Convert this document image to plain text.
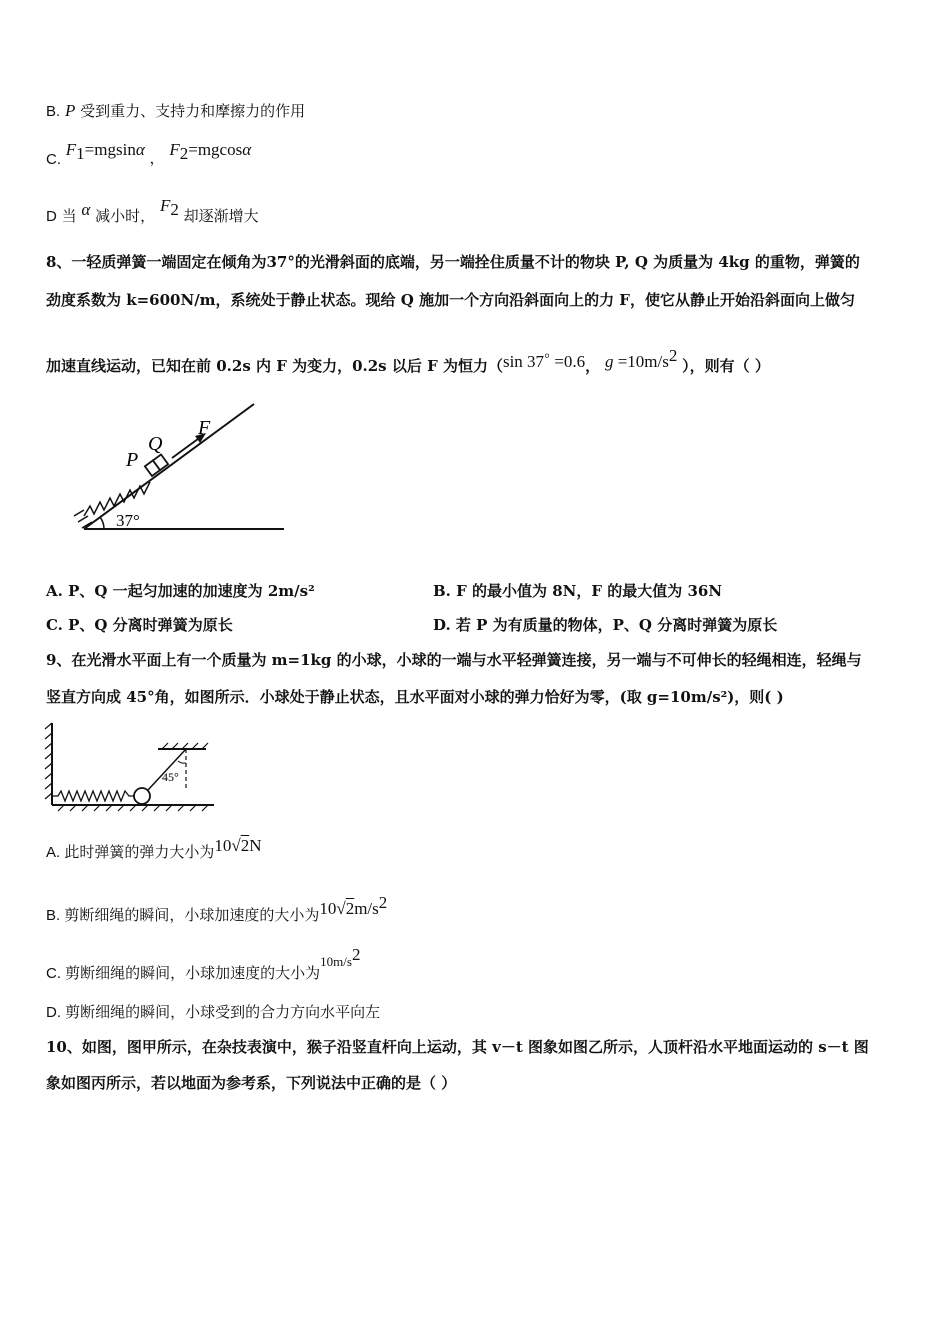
B. P 受到重力、支持力和摩擦力的作用
C. $F_1=mgsin\alpha$ ， $F_2=mgcos\alpha$
D 当 α 减小时， $F_2$ 却逐渐增大
8、一轻质弹簧一端固定在倾角为37°的光滑斜面的底端，另一端拴住质量不计的物块 P, Q 为质量为 4kg 的重物，弹簧的
劲度系数为 k=600N/m，系统处于静止状态。现给 Q 施加一个方向沿斜面向上的力 F，使它从静止开始沿斜面向上做匀
加速直线运动，已知在前 0.2s 内 F 为变力，0.2s 以后 F 为恒力（sin 37◦ =0.6， $g =10m/s^2$ ），则有（ ）
P
Q
F
37°
A. P、Q 一起匀加速的加速度为 2m/s²	B. F 的最小值为 8N，F 的最大值为 36N
C. P、Q 分离时弹簧为原长	D. 若 P 为有质量的物体，P、Q 分离时弹簧为原长
9、在光滑水平面上有一个质量为 m=1kg 的小球，小球的一端与水平轻弹簧连接，另一端与不可伸长的轻绳相连，轻绳与
竖直方向成 45°角，如图所示．小球处于静止状态，且水平面对小球的弹力恰好为零，(取 g=10m/s²)，则( )
45°
A. 此时弹簧的弹力大小为10√2N
B. 剪断细绳的瞬间，小球加速度的大小为$10√2m/s^2$
C. 剪断细绳的瞬间，小球加速度的大小为$10m/s^2$
D. 剪断细绳的瞬间，小球受到的合力方向水平向左
10、如图，图甲所示，在杂技表演中，猴子沿竖直杆向上运动，其 v－t 图象如图乙所示，人顶杆沿水平地面运动的 s－t 图
象如图丙所示，若以地面为参考系，下列说法中正确的是（ ）
